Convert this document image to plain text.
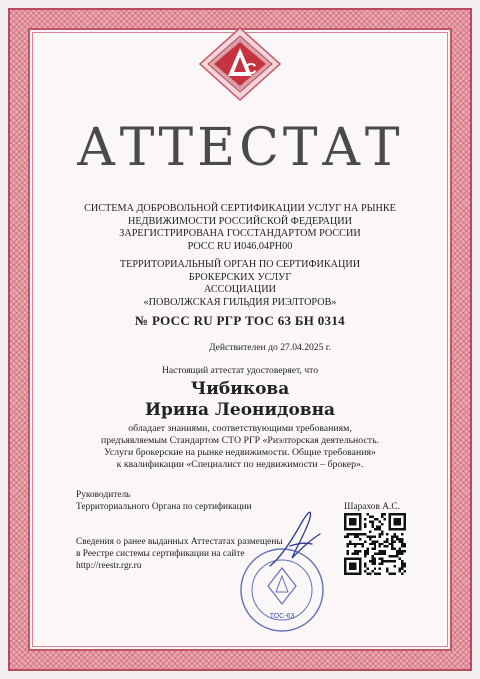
C
АТТЕСТАТ
СИСТЕМА ДОБРОВОЛЬНОЙ СЕРТИФИКАЦИИ УСЛУГ НА РЫНКЕ
НЕДВИЖИМОСТИ РОССИЙСКОЙ ФЕДЕРАЦИИ
ЗАРЕГИСТРИРОВАНА ГОССТАНДАРТОМ РОССИИ
РОСС RU И046.04РН00
ТЕРРИТОРИАЛЬНЫЙ ОРГАН ПО СЕРТИФИКАЦИИ
БРОКЕРСКИХ УСЛУГ
АССОЦИАЦИИ
«ПОВОЛЖСКАЯ ГИЛЬДИЯ РИЭЛТОРОВ»
№ РОСС RU РГР ТОС 63 БН 0314
Действителен до 27.04.2025 г.
Настоящий аттестат удостоверяет, что
Чибикова
Ирина Леонидовна
обладает знаниями, соответствующими требованиям,
предъявляемым Стандартом СТО РГР «Риэлторская деятельность.
Услуги брокерские на рынке недвижимости. Общие требования»
к квалификации «Специалист по недвижимости – брокер».
Руководитель
Территориального Органа по сертификации	Шарахов А.С.
Сведения о ранее выданных Аттестатах размещены
в Реестре системы сертификации на сайте
http://reestr.rgr.ru
ТОС-63
